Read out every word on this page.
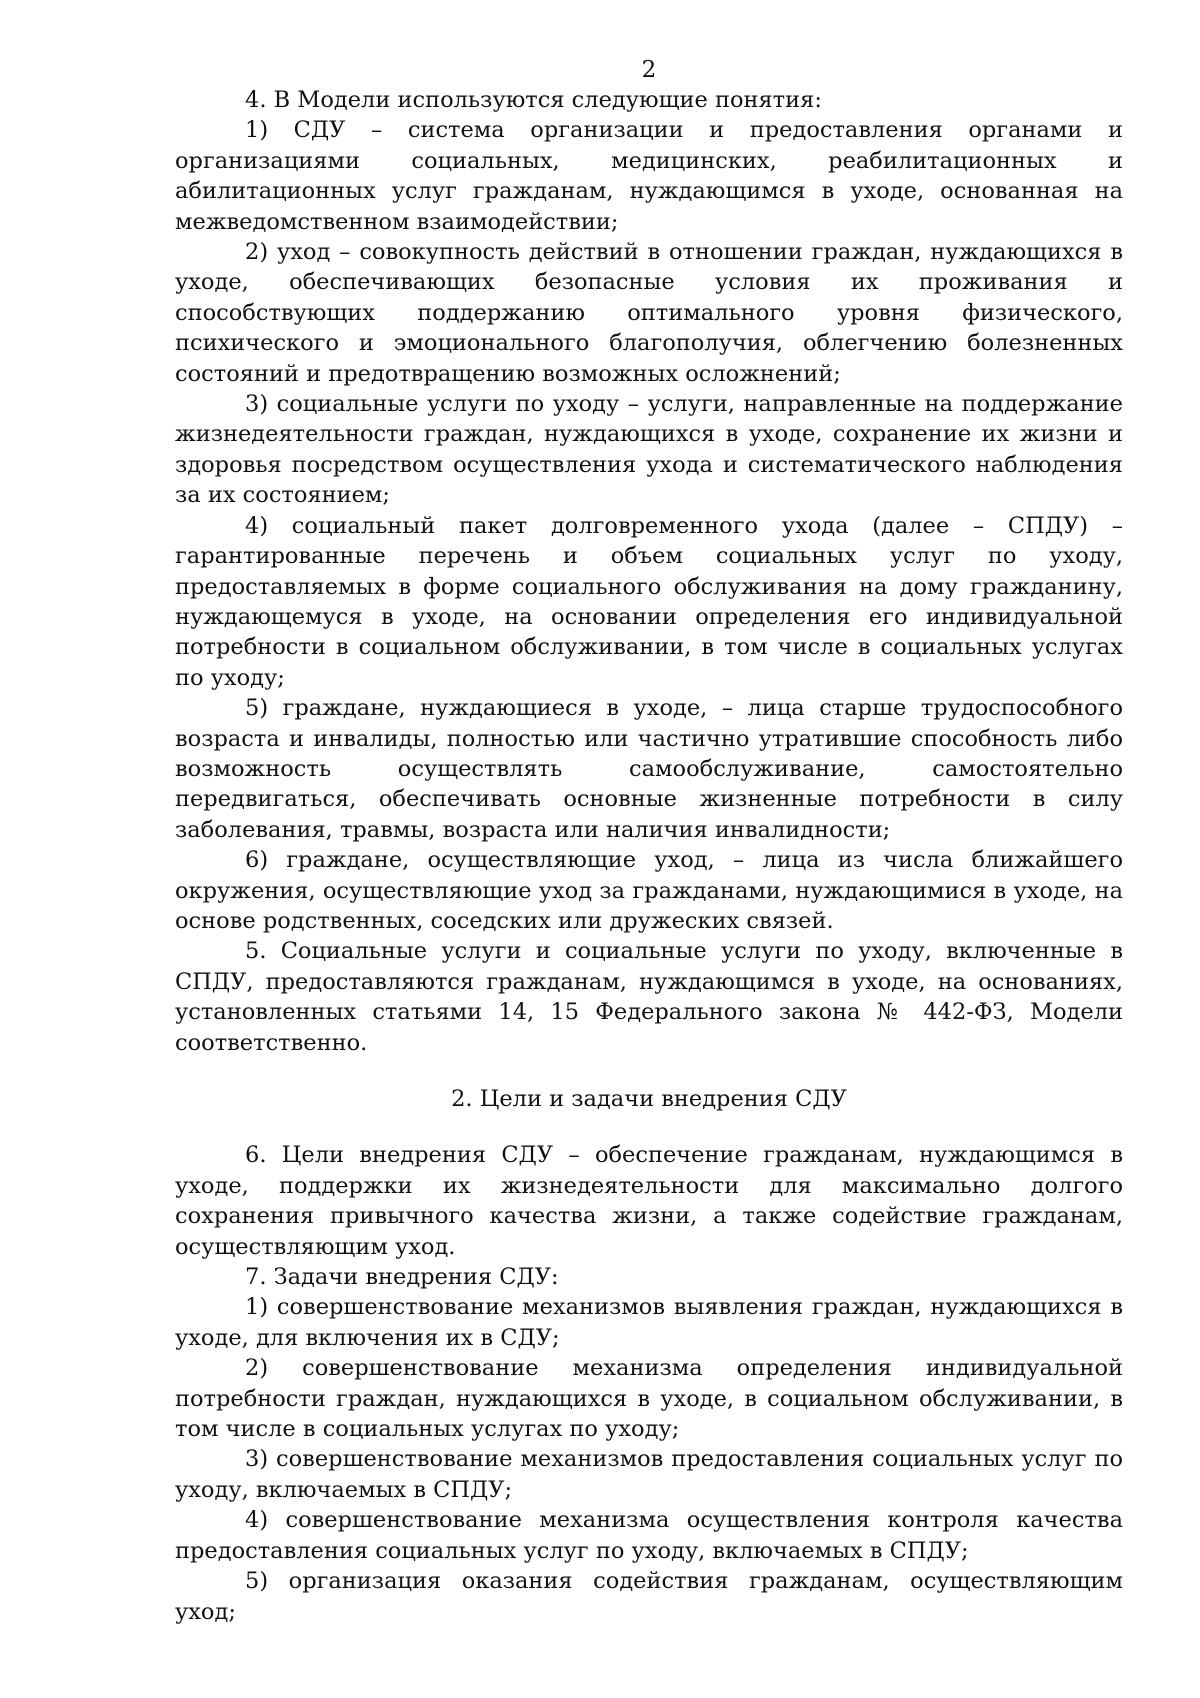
2

4. В Модели используются следующие понятия:

1) СДУ – система организации и предоставления органами и организациями социальных, медицинских, реабилитационных и абилитационных услуг гражданам, нуждающимся в уходе, основанная на межведомственном взаимодействии;

2) уход – совокупность действий в отношении граждан, нуждающихся в уходе, обеспечивающих безопасные условия их проживания и способствующих поддержанию оптимального уровня физического, психического и эмоционального благополучия, облегчению болезненных состояний и предотвращению возможных осложнений;

3) социальные услуги по уходу – услуги, направленные на поддержание жизнедеятельности граждан, нуждающихся в уходе, сохранение их жизни и здоровья посредством осуществления ухода и систематического наблюдения за их состоянием;

4) социальный пакет долговременного ухода (далее – СПДУ) – гарантированные перечень и объем социальных услуг по уходу, предоставляемых в форме социального обслуживания на дому гражданину, нуждающемуся в уходе, на основании определения его индивидуальной потребности в социальном обслуживании, в том числе в социальных услугах по уходу;

5) граждане, нуждающиеся в уходе, – лица старше трудоспособного возраста и инвалиды, полностью или частично утратившие способность либо возможность осуществлять самообслуживание, самостоятельно передвигаться, обеспечивать основные жизненные потребности в силу заболевания, травмы, возраста или наличия инвалидности;

6) граждане, осуществляющие уход, – лица из числа ближайшего окружения, осуществляющие уход за гражданами, нуждающимися в уходе, на основе родственных, соседских или дружеских связей.

5. Социальные услуги и социальные услуги по уходу, включенные в СПДУ, предоставляются гражданам, нуждающимся в уходе, на основаниях, установленных статьями 14, 15 Федерального закона № 442-ФЗ, Модели соответственно.

2. Цели и задачи внедрения СДУ

6. Цели внедрения СДУ – обеспечение гражданам, нуждающимся в уходе, поддержки их жизнедеятельности для максимально долгого сохранения привычного качества жизни, а также содействие гражданам, осуществляющим уход.

7. Задачи внедрения СДУ:

1) совершенствование механизмов выявления граждан, нуждающихся в уходе, для включения их в СДУ;

2) совершенствование механизма определения индивидуальной потребности граждан, нуждающихся в уходе, в социальном обслуживании, в том числе в социальных услугах по уходу;

3) совершенствование механизмов предоставления социальных услуг по уходу, включаемых в СПДУ;

4) совершенствование механизма осуществления контроля качества предоставления социальных услуг по уходу, включаемых в СПДУ;

5) организация оказания содействия гражданам, осуществляющим уход;
